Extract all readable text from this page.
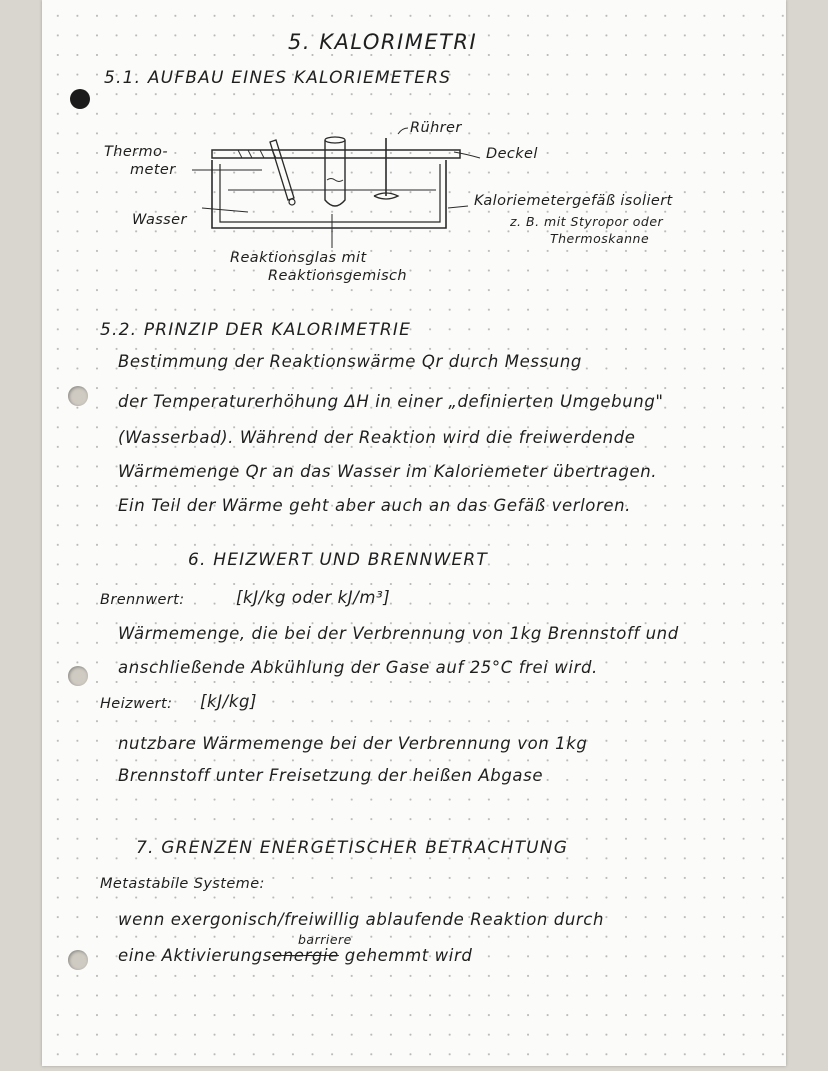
5. KALORIMETRI
5.1. AUFBAU EINES KALORIEMETERS
Thermo-
meter
Wasser
Rührer
Deckel
Kaloriemetergefäß isoliert
z. B. mit Styropor oder
Thermoskanne
Reaktionsglas mit
Reaktionsgemisch
5.2. PRINZIP DER KALORIMETRIE
Bestimmung der Reaktionswärme Qr durch Messung
der Temperaturerhöhung ΔH in einer „definierten Umgebung"
(Wasserbad). Während der Reaktion wird die freiwerdende
Wärmemenge Qr an das Wasser im Kaloriemeter übertragen.
Ein Teil der Wärme geht aber auch an das Gefäß verloren.
6. HEIZWERT UND BRENNWERT
Brennwert:	[kJ/kg oder kJ/m³]
Wärmemenge, die bei der Verbrennung von 1kg Brennstoff und
anschließende Abkühlung der Gase auf 25°C frei wird.
Heizwert: [kJ/kg]
nutzbare Wärmemenge bei der Verbrennung von 1kg
Brennstoff unter Freisetzung der heißen Abgase
7. GRENZEN ENERGETISCHER BETRACHTUNG
Metastabile Systeme:
wenn exergonisch/freiwillig ablaufende Reaktion durch
barriere
eine Aktivierungsenergie gehemmt wird
